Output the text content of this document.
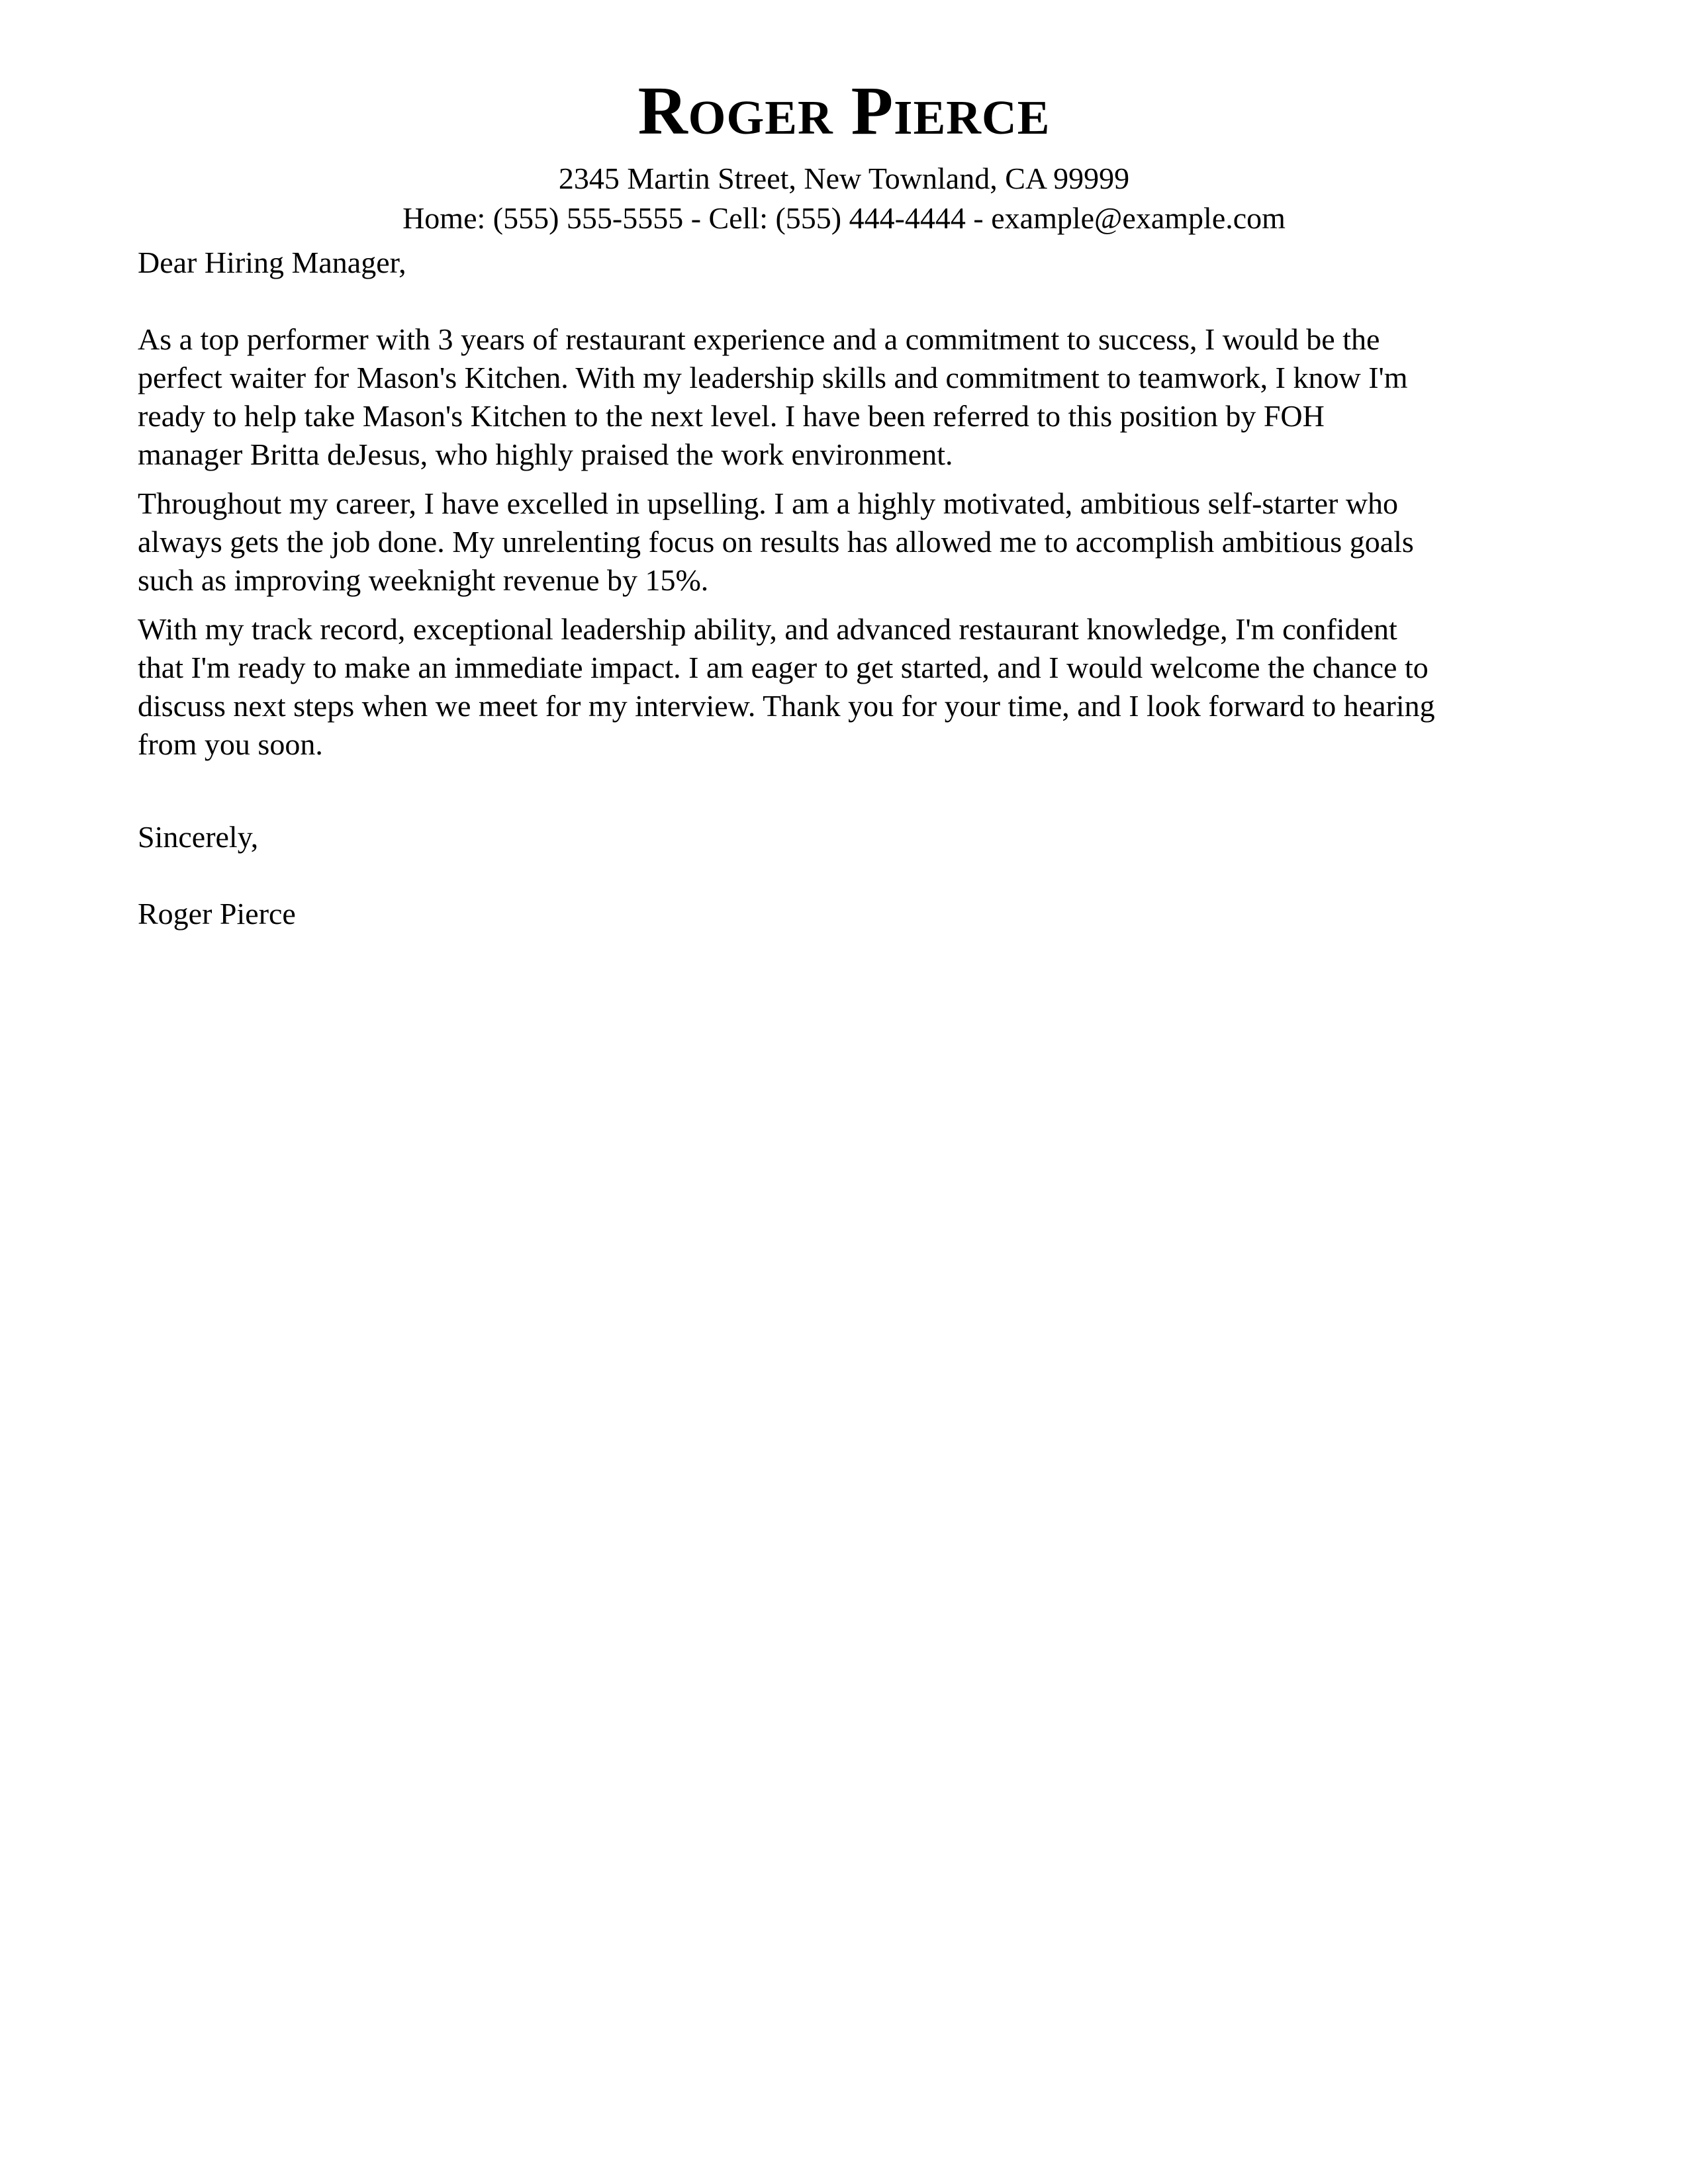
Roger Pierce

2345 Martin Street, New Townland, CA 99999

Home: (555) 555-5555 - Cell: (555) 444-4444 - example@example.com

Dear Hiring Manager,

As a top performer with 3 years of restaurant experience and a commitment to success, I would be the
perfect waiter for Mason's Kitchen. With my leadership skills and commitment to teamwork, I know I'm
ready to help take Mason's Kitchen to the next level. I have been referred to this position by FOH
manager Britta deJesus, who highly praised the work environment.

Throughout my career, I have excelled in upselling. I am a highly motivated, ambitious self-starter who
always gets the job done. My unrelenting focus on results has allowed me to accomplish ambitious goals
such as improving weeknight revenue by 15%.

With my track record, exceptional leadership ability, and advanced restaurant knowledge, I'm confident
that I'm ready to make an immediate impact. I am eager to get started, and I would welcome the chance to
discuss next steps when we meet for my interview. Thank you for your time, and I look forward to hearing
from you soon.

Sincerely,

Roger Pierce
